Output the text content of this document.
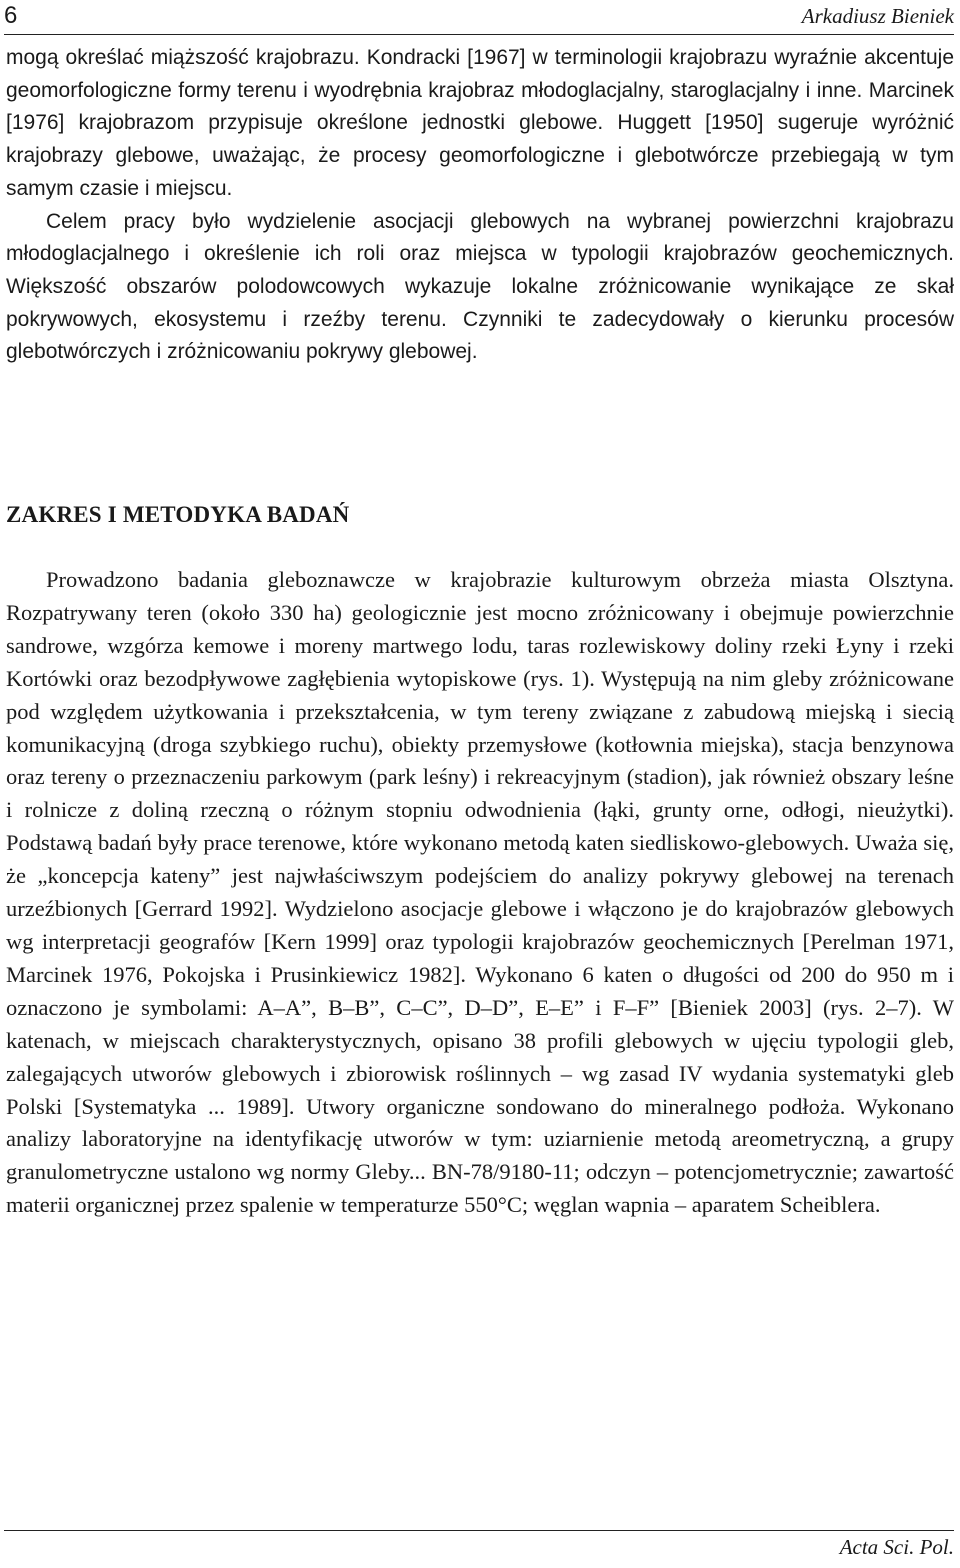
6	Arkadiusz Bieniek

mogą określać miąższość krajobrazu. Kondracki [1967] w terminologii krajobrazu wyraźnie akcentuje geomorfologiczne formy terenu i wyodrębnia krajobraz młodoglacjalny, staroglacjalny i inne. Marcinek [1976] krajobrazom przypisuje określone jednostki glebowe. Huggett [1950] sugeruje wyróżnić krajobrazy glebowe, uważając, że procesy geomorfologiczne i glebotwórcze przebiegają w tym samym czasie i miejscu.

Celem pracy było wydzielenie asocjacji glebowych na wybranej powierzchni krajobrazu młodoglacjalnego i określenie ich roli oraz miejsca w typologii krajobrazów geochemicznych. Większość obszarów polodowcowych wykazuje lokalne zróżnicowanie wynikające ze skał pokrywowych, ekosystemu i rzeźby terenu. Czynniki te zadecydowały o kierunku procesów glebotwórczych i zróżnicowaniu pokrywy glebowej.

ZAKRES I METODYKA BADAŃ

Prowadzono badania gleboznawcze w krajobrazie kulturowym obrzeża miasta Olsztyna. Rozpatrywany teren (około 330 ha) geologicznie jest mocno zróżnicowany i obejmuje powierzchnie sandrowe, wzgórza kemowe i moreny martwego lodu, taras rozlewiskowy doliny rzeki Łyny i rzeki Kortówki oraz bezodpływowe zagłębienia wytopiskowe (rys. 1). Występują na nim gleby zróżnicowane pod względem użytkowania i przekształcenia, w tym tereny związane z zabudową miejską i siecią komunikacyjną (droga szybkiego ruchu), obiekty przemysłowe (kotłownia miejska), stacja benzynowa oraz tereny o przeznaczeniu parkowym (park leśny) i rekreacyjnym (stadion), jak również obszary leśne i rolnicze z doliną rzeczną o różnym stopniu odwodnienia (łąki, grunty orne, odłogi, nieużytki). Podstawą badań były prace terenowe, które wykonano metodą katen siedliskowo-glebowych. Uważa się, że „koncepcja kateny” jest najwłaściwszym podejściem do analizy pokrywy glebowej na terenach urzeźbionych [Gerrard 1992]. Wydzielono asocjacje glebowe i włączono je do krajobrazów glebowych wg interpretacji geografów [Kern 1999] oraz typologii krajobrazów geochemicznych [Perelman 1971, Marcinek 1976, Pokojska i Prusinkiewicz 1982]. Wykonano 6 katen o długości od 200 do 950 m i oznaczono je symbolami: A–A”, B–B”, C–C”, D–D”, E–E” i F–F” [Bieniek 2003] (rys. 2–7). W katenach, w miejscach charakterystycznych, opisano 38 profili glebowych w ujęciu typologii gleb, zalegających utworów glebowych i zbiorowisk roślinnych – wg zasad IV wydania systematyki gleb Polski [Systematyka ... 1989]. Utwory organiczne sondowano do mineralnego podłoża. Wykonano analizy laboratoryjne na identyfikację utworów w tym: uziarnienie metodą areometryczną, a grupy granulometryczne ustalono wg normy Gleby... BN-78/9180-11; odczyn – potencjometrycznie; zawartość materii organicznej przez spalenie w temperaturze 550°C; węglan wapnia – aparatem Scheiblera.

Acta Sci. Pol.
